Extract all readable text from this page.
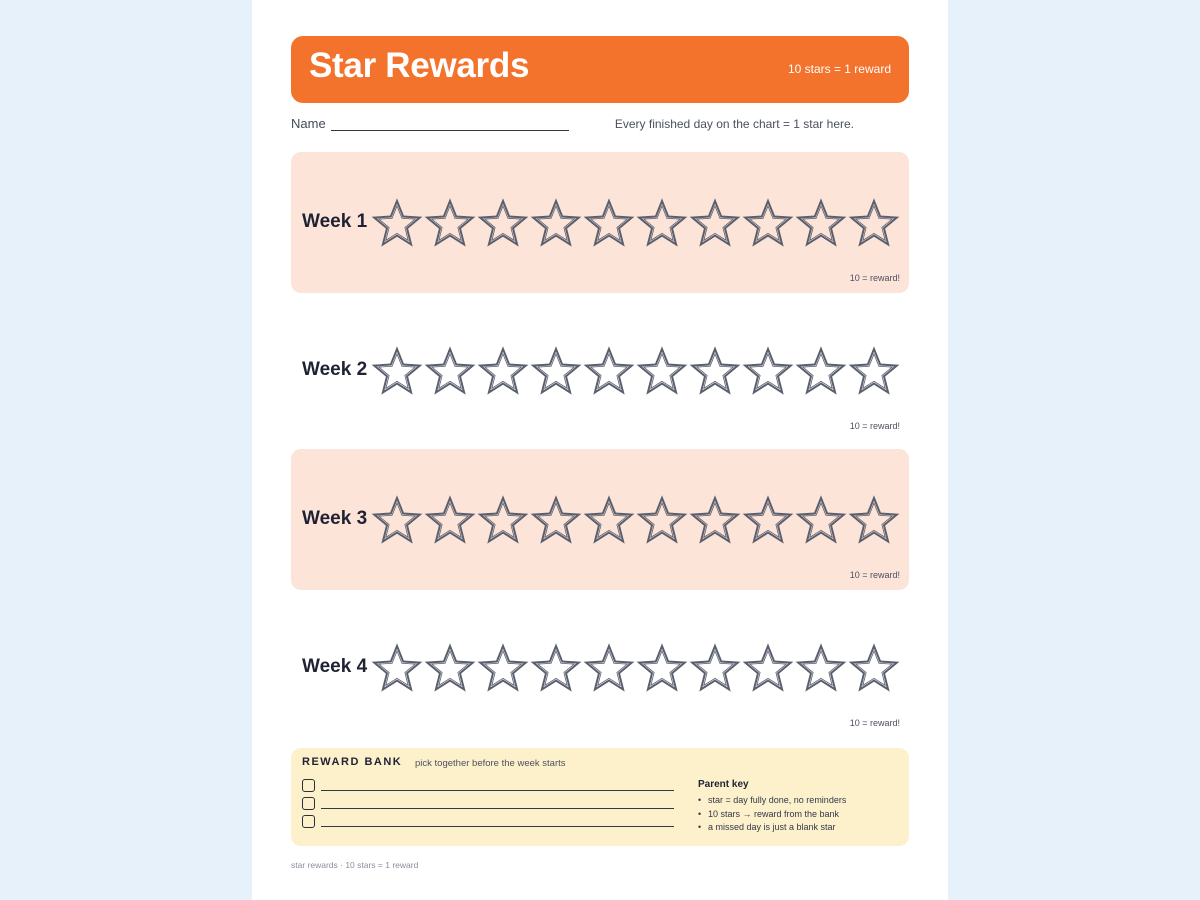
Star Rewards	10 stars = 1 reward
Name	Every finished day on the chart = 1 star here.
Week 1
10 = reward!
Week 2
10 = reward!
Week 3
10 = reward!
Week 4
10 = reward!
REWARD BANK pick together before the week starts
Parent key
• star = day fully done, no reminders
• 10 stars → reward from the bank
• a missed day is just a blank star
star rewards · 10 stars = 1 reward
